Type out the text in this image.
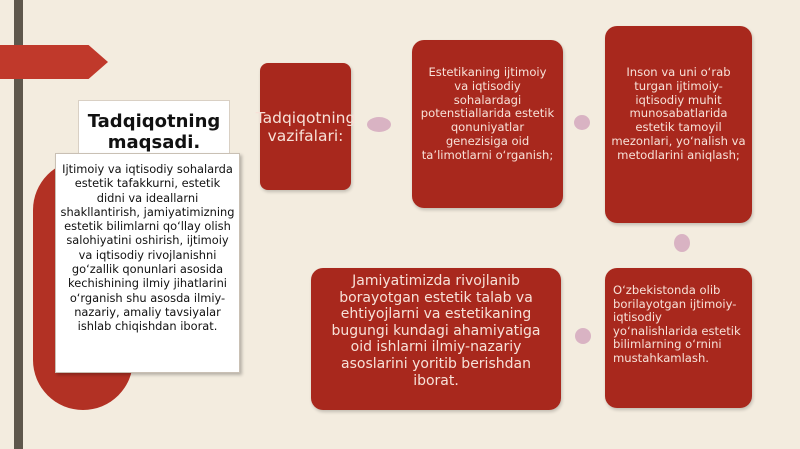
Tadqiqotning maqsadi.
Ijtimoiy va iqtisodiy sohalarda estetik tafakkurni, estetik didni va ideallarni shakllantirish, jamiyatimizning estetik bilimlarni qo‘llay olish salohiyatini oshirish, ijtimoiy va iqtisodiy rivojlanishni go‘zallik qonunlari asosida kechishining ilmiy jihatlarini o‘rganish shu asosda ilmiy-nazariy, amaliy tavsiyalar ishlab chiqishdan iborat.
Tadqiqotning vazifalari:
Estetikaning ijtimoiy va iqtisodiy sohalardagi potenstiallarida estetik qonuniyatlar genezisiga oid ta’limotlarni o‘rganish;
Inson va uni o‘rab turgan ijtimoiy-iqtisodiy muhit munosabatlarida estetik tamoyil mezonlari, yo‘nalish va metodlarini aniqlash;
O‘zbekistonda olib borilayotgan ijtimoiy-iqtisodiy yo‘nalishlarida estetik bilimlarning o‘rnini mustahkamlash.
Jamiyatimizda rivojlanib borayotgan estetik talab va ehtiyojlarni va estetikaning bugungi kundagi ahamiyatiga oid ishlarni ilmiy-nazariy asoslarini yoritib berishdan iborat.
